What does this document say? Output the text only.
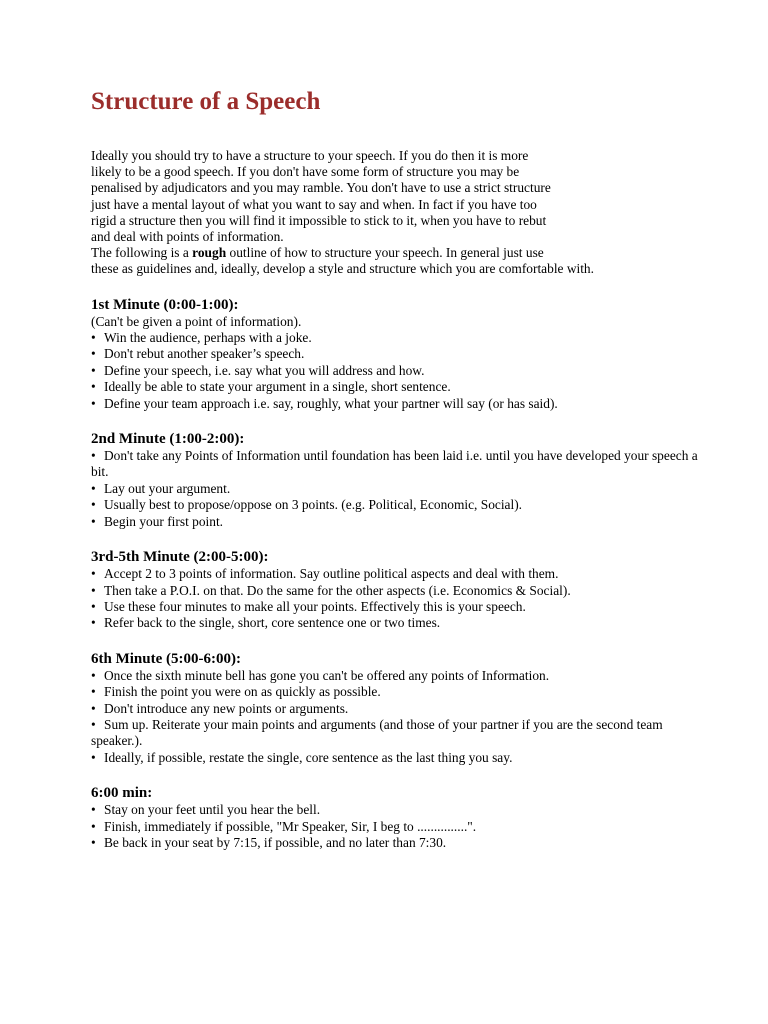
Structure of a Speech
Ideally you should try to have a structure to your speech. If you do then it is more
likely to be a good speech. If you don't have some form of structure you may be
penalised by adjudicators and you may ramble. You don't have to use a strict structure
just have a mental layout of what you want to say and when. In fact if you have too
rigid a structure then you will find it impossible to stick to it, when you have to rebut
and deal with points of information.
The following is a rough outline of how to structure your speech. In general just use
these as guidelines and, ideally, develop a style and structure which you are comfortable with.
1st Minute (0:00-1:00):
(Can't be given a point of information).
• Win the audience, perhaps with a joke.
• Don't rebut another speaker’s speech.
• Define your speech, i.e. say what you will address and how.
• Ideally be able to state your argument in a single, short sentence.
• Define your team approach i.e. say, roughly, what your partner will say (or has said).
2nd Minute (1:00-2:00):
• Don't take any Points of Information until foundation has been laid i.e. until you have developed your speech a bit.
• Lay out your argument.
• Usually best to propose/oppose on 3 points. (e.g. Political, Economic, Social).
• Begin your first point.
3rd-5th Minute (2:00-5:00):
• Accept 2 to 3 points of information. Say outline political aspects and deal with them.
• Then take a P.O.I. on that. Do the same for the other aspects (i.e. Economics & Social).
• Use these four minutes to make all your points. Effectively this is your speech.
• Refer back to the single, short, core sentence one or two times.
6th Minute (5:00-6:00):
• Once the sixth minute bell has gone you can't be offered any points of Information.
• Finish the point you were on as quickly as possible.
• Don't introduce any new points or arguments.
• Sum up. Reiterate your main points and arguments (and those of your partner if you are the second team speaker.).
• Ideally, if possible, restate the single, core sentence as the last thing you say.
6:00 min:
• Stay on your feet until you hear the bell.
• Finish, immediately if possible, "Mr Speaker, Sir, I beg to ...............".
• Be back in your seat by 7:15, if possible, and no later than 7:30.
